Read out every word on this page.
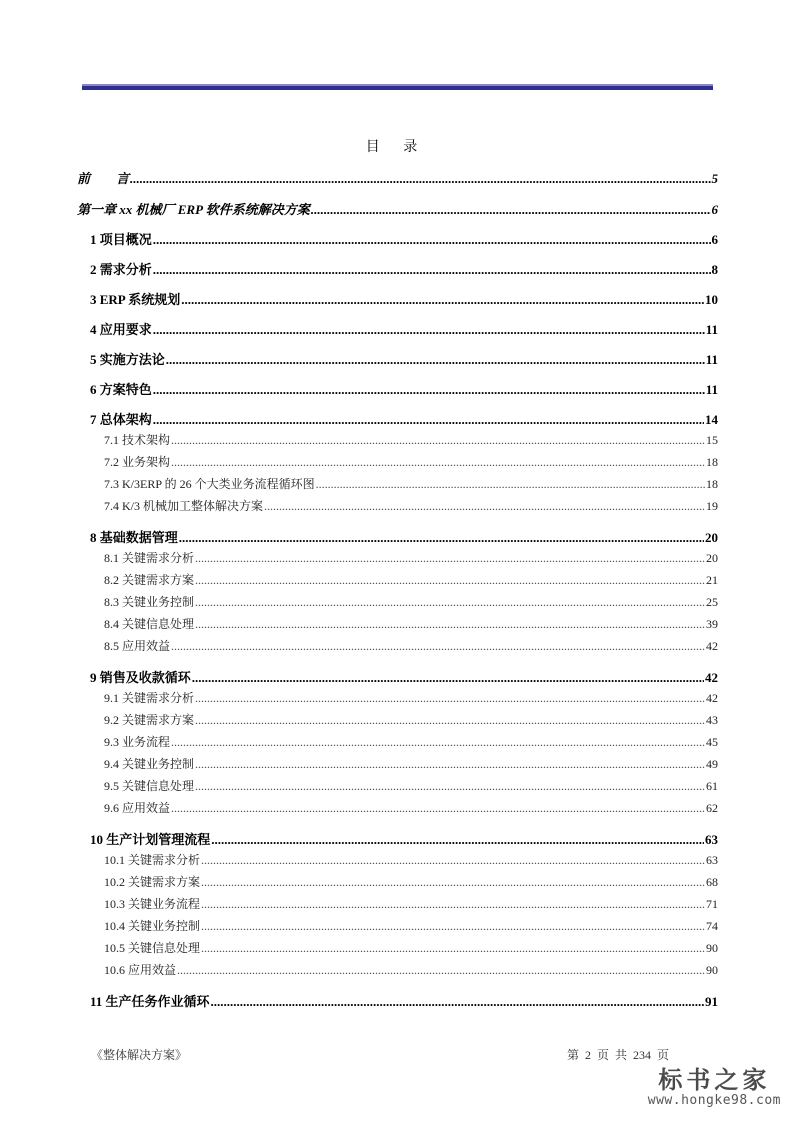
目 录
前　　言 .....	5
第一章 xx 机械厂 ERP 软件系统解决方案 .....	6
1 项目概况 .....	6
2 需求分析 .....	8
3 ERP 系统规划 .....	10
4 应用要求 .....	11
5 实施方法论 .....	11
6 方案特色 .....	11
7 总体架构 .....	14
7.1 技术架构 .....	15
7.2 业务架构 .....	18
7.3 K/3ERP 的 26 个大类业务流程循环图 .....	18
7.4 K/3 机械加工整体解决方案 .....	19
8 基础数据管理 .....	20
8.1 关键需求分析 .....	20
8.2 关键需求方案 .....	21
8.3 关键业务控制 .....	25
8.4 关键信息处理 .....	39
8.5 应用效益 .....	42
9 销售及收款循环 .....	42
9.1 关键需求分析 .....	42
9.2 关键需求方案 .....	43
9.3 业务流程 .....	45
9.4 关键业务控制 .....	49
9.5 关键信息处理 .....	61
9.6 应用效益 .....	62
10 生产计划管理流程 .....	63
10.1 关键需求分析 .....	63
10.2 关键需求方案 .....	68
10.3 关键业务流程 .....	71
10.4 关键业务控制 .....	74
10.5 关键信息处理 .....	90
10.6 应用效益 .....	90
11 生产任务作业循环 .....	91
《整体解决方案》	第 2 页 共 234 页
标书之家
www.hongke98.com
